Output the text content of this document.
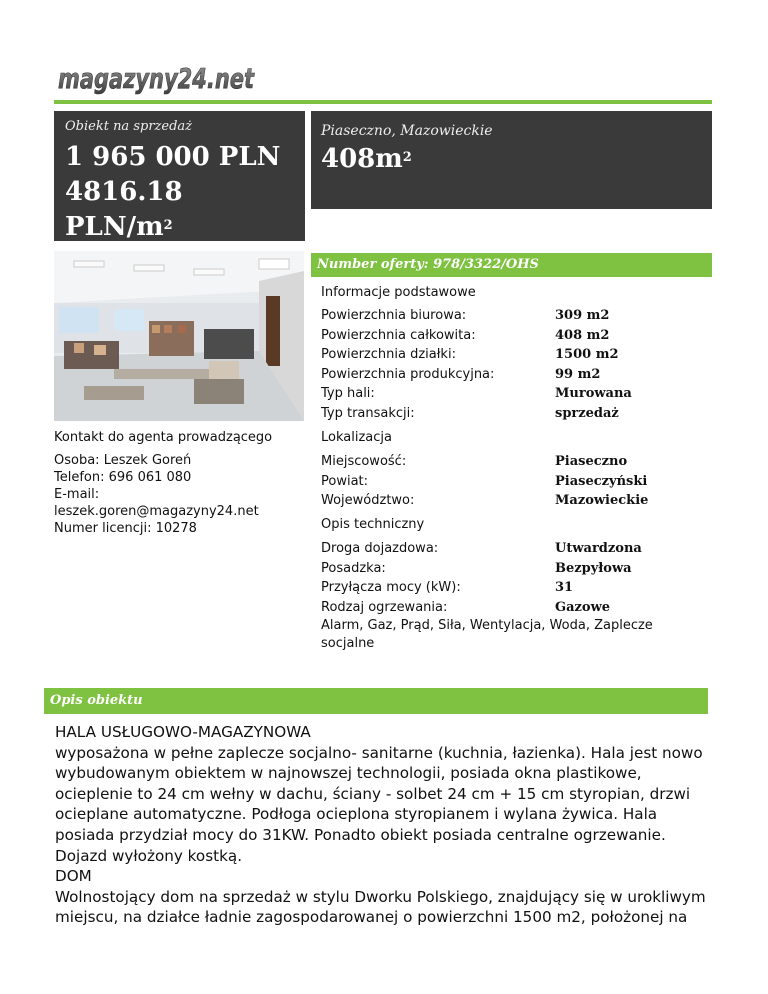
magazyny24.net
Obiekt na sprzedaż
1 965 000 PLN
4816.18
PLN/$m^2$
Piaseczno, Mazowieckie
$408m^2$
Number oferty: 978/3322/OHS
Informacje podstawowe
Powierzchnia biurowa:	309 m2
Powierzchnia całkowita:	408 m2
Powierzchnia działki:	1500 m2
Powierzchnia produkcyjna:	99 m2
Typ hali:	Murowana
Typ transakcji:	sprzedaż
Kontakt do agenta prowadzącego
Osoba: Leszek Goreń
Telefon: 696 061 080
E-mail:
leszek.goren@magazyny24.net
Numer licencji: 10278
Lokalizacja
Miejscowość:	Piaseczno
Powiat:	Piaseczyński
Województwo:	Mazowieckie
Opis techniczny
Droga dojazdowa:	Utwardzona
Posadzka:	Bezpyłowa
Przyłącza mocy (kW):	31
Rodzaj ogrzewania:	Gazowe
Alarm, Gaz, Prąd, Siła, Wentylacja, Woda, Zaplecze socjalne
Opis obiektu

HALA USŁUGOWO-MAGAZYNOWA

wyposażona w pełne zaplecze socjalno- sanitarne (kuchnia, łazienka). Hala jest nowo wybudowanym obiektem w najnowszej technologii, posiada okna plastikowe, ocieplenie to 24 cm wełny w dachu, ściany - solbet 24 cm + 15 cm styropian, drzwi ocieplane automatyczne. Podłoga ocieplona styropianem i wylana żywica. Hala posiada przydział mocy do 31KW. Ponadto obiekt posiada centralne ogrzewanie. Dojazd wyłożony kostką.

DOM

Wolnostojący dom na sprzedaż w stylu Dworku Polskiego, znajdujący się w urokliwym miejscu, na działce ładnie zagospodarowanej o powierzchni 1500 m2, położonej na
